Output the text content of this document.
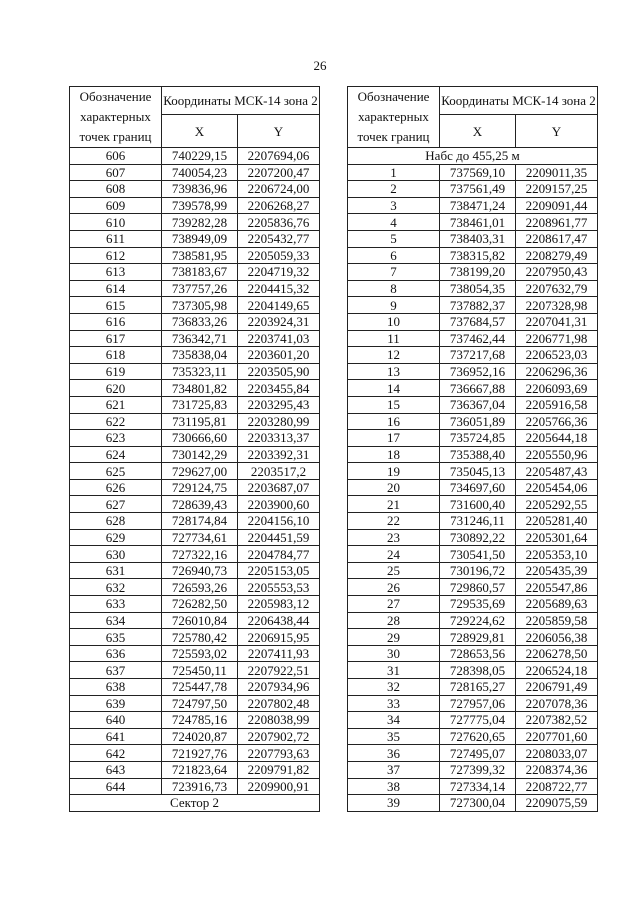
26
Обозначение характерных точек границ	Координаты МСК-14 зона 2	
	X	Y
606	740229,15	2207694,06
607	740054,23	2207200,47
608	739836,96	2206724,00
609	739578,99	2206268,27
610	739282,28	2205836,76
611	738949,09	2205432,77
612	738581,95	2205059,33
613	738183,67	2204719,32
614	737757,26	2204415,32
615	737305,98	2204149,65
616	736833,26	2203924,31
617	736342,71	2203741,03
618	735838,04	2203601,20
619	735323,11	2203505,90
620	734801,82	2203455,84
621	731725,83	2203295,43
622	731195,81	2203280,99
623	730666,60	2203313,37
624	730142,29	2203392,31
625	729627,00	2203517,2
626	729124,75	2203687,07
627	728639,43	2203900,60
628	728174,84	2204156,10
629	727734,61	2204451,59
630	727322,16	2204784,77
631	726940,73	2205153,05
632	726593,26	2205553,53
633	726282,50	2205983,12
634	726010,84	2206438,44
635	725780,42	2206915,95
636	725593,02	2207411,93
637	725450,11	2207922,51
638	725447,78	2207934,96
639	724797,50	2207802,48
640	724785,16	2208038,99
641	724020,87	2207902,72
642	721927,76	2207793,63
643	721823,64	2209791,82
644	723916,73	2209900,91
Сектор 2		
Обозначение характерных точек границ	Координаты МСК-14 зона 2	
	X	Y
Набс до 455,25 м		
1	737569,10	2209011,35
2	737561,49	2209157,25
3	738471,24	2209091,44
4	738461,01	2208961,77
5	738403,31	2208617,47
6	738315,82	2208279,49
7	738199,20	2207950,43
8	738054,35	2207632,79
9	737882,37	2207328,98
10	737684,57	2207041,31
11	737462,44	2206771,98
12	737217,68	2206523,03
13	736952,16	2206296,36
14	736667,88	2206093,69
15	736367,04	2205916,58
16	736051,89	2205766,36
17	735724,85	2205644,18
18	735388,40	2205550,96
19	735045,13	2205487,43
20	734697,60	2205454,06
21	731600,40	2205292,55
22	731246,11	2205281,40
23	730892,22	2205301,64
24	730541,50	2205353,10
25	730196,72	2205435,39
26	729860,57	2205547,86
27	729535,69	2205689,63
28	729224,62	2205859,58
29	728929,81	2206056,38
30	728653,56	2206278,50
31	728398,05	2206524,18
32	728165,27	2206791,49
33	727957,06	2207078,36
34	727775,04	2207382,52
35	727620,65	2207701,60
36	727495,07	2208033,07
37	727399,32	2208374,36
38	727334,14	2208722,77
39	727300,04	2209075,59
